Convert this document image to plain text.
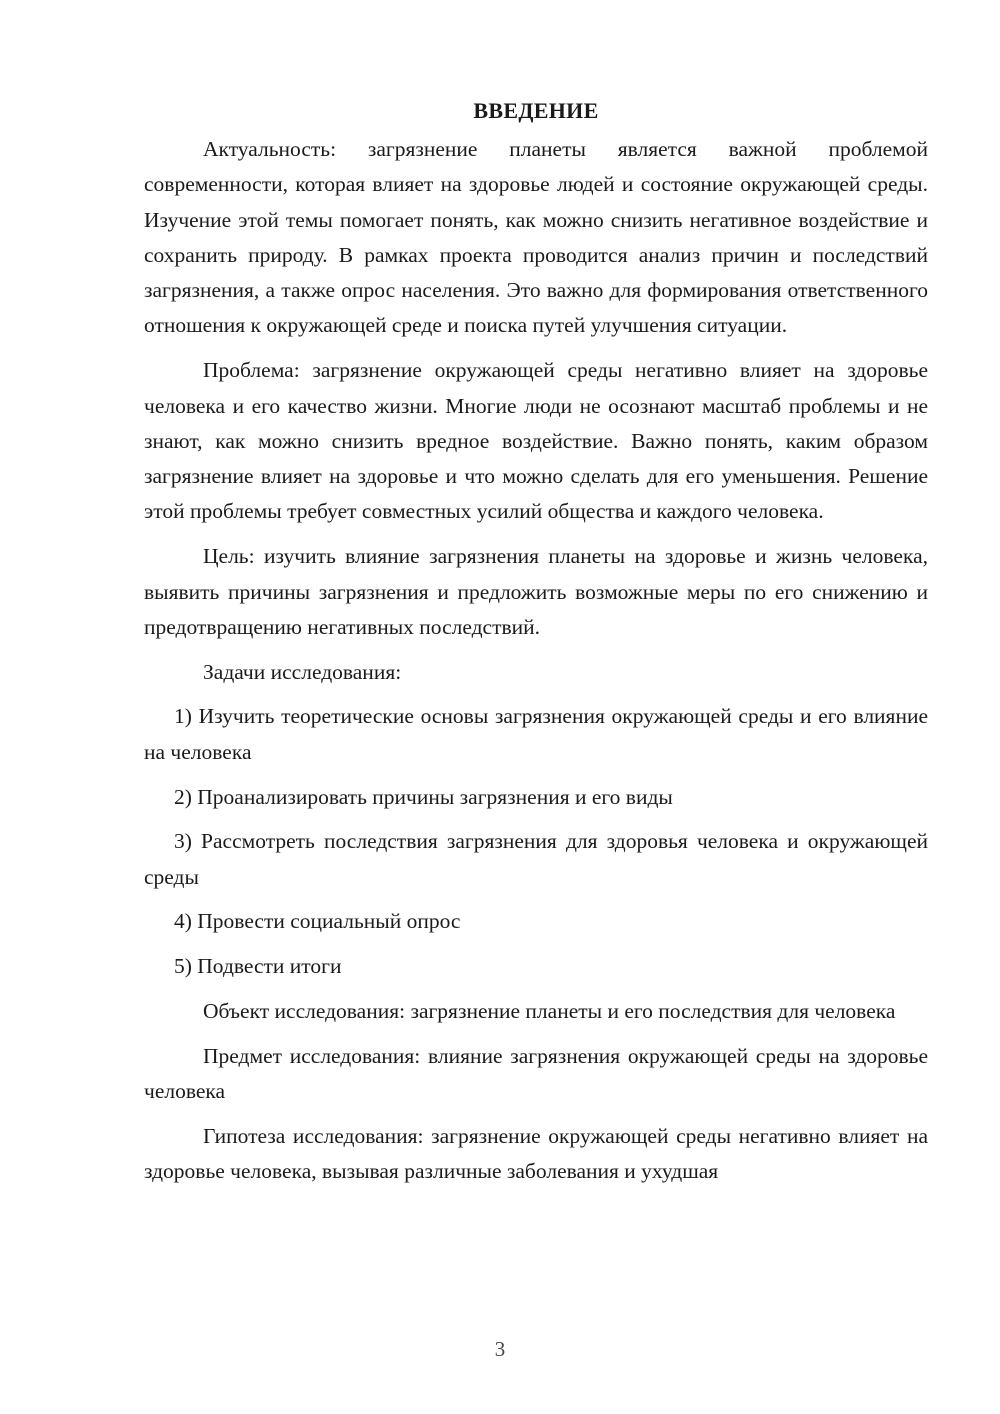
ВВЕДЕНИЕ

Актуальность: загрязнение планеты является важной проблемой современности, которая влияет на здоровье людей и состояние окружающей среды. Изучение этой темы помогает понять, как можно снизить негативное воздействие и сохранить природу. В рамках проекта проводится анализ причин и последствий загрязнения, а также опрос населения. Это важно для формирования ответственного отношения к окружающей среде и поиска путей улучшения ситуации.

Проблема: загрязнение окружающей среды негативно влияет на здоровье человека и его качество жизни. Многие люди не осознают масштаб проблемы и не знают, как можно снизить вредное воздействие. Важно понять, каким образом загрязнение влияет на здоровье и что можно сделать для его уменьшения. Решение этой проблемы требует совместных усилий общества и каждого человека.

Цель: изучить влияние загрязнения планеты на здоровье и жизнь человека, выявить причины загрязнения и предложить возможные меры по его снижению и предотвращению негативных последствий.

Задачи исследования:

1) Изучить теоретические основы загрязнения окружающей среды и его влияние на человека

2) Проанализировать причины загрязнения и его виды

3) Рассмотреть последствия загрязнения для здоровья человека и окружающей среды

4) Провести социальный опрос

5) Подвести итоги

Объект исследования: загрязнение планеты и его последствия для человека

Предмет исследования: влияние загрязнения окружающей среды на здоровье человека

Гипотеза исследования: загрязнение окружающей среды негативно влияет на здоровье человека, вызывая различные заболевания и ухудшая

3
